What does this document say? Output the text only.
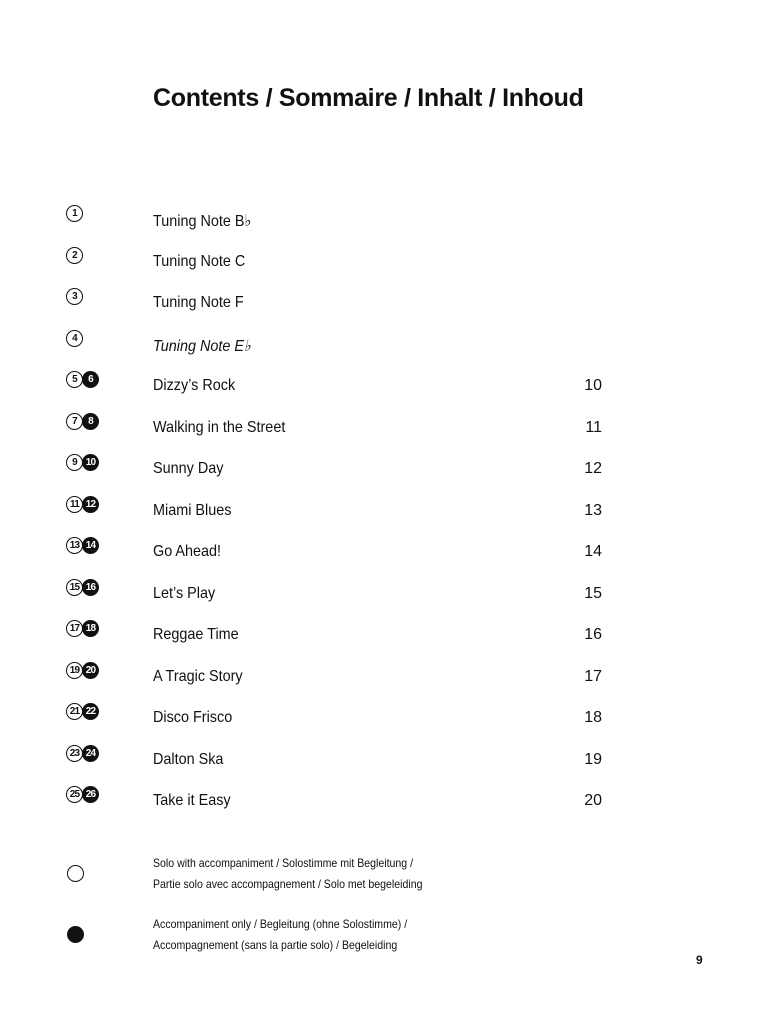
Contents / Sommaire / Inhalt / Inhoud
1	Tuning Note B♭
2	Tuning Note C
3	Tuning Note F
4	Tuning Note E♭
5	6	Dizzy’s Rock	10
7	8	Walking in the Street	11
9 10	Sunny Day	12
11 12	Miami Blues	13
13 14	Go Ahead!	14
15 16	Let’s Play	15
17 18	Reggae Time	16
19 20	A Tragic Story	17
21 22	Disco Frisco	18
23 24	Dalton Ska	19
25 26	Take it Easy	20
Solo with accompaniment / Solostimme mit Begleitung /
Partie solo avec accompagnement / Solo met begeleiding
Accompaniment only / Begleitung (ohne Solostimme) /
Accompagnement (sans la partie solo) / Begeleiding
9
